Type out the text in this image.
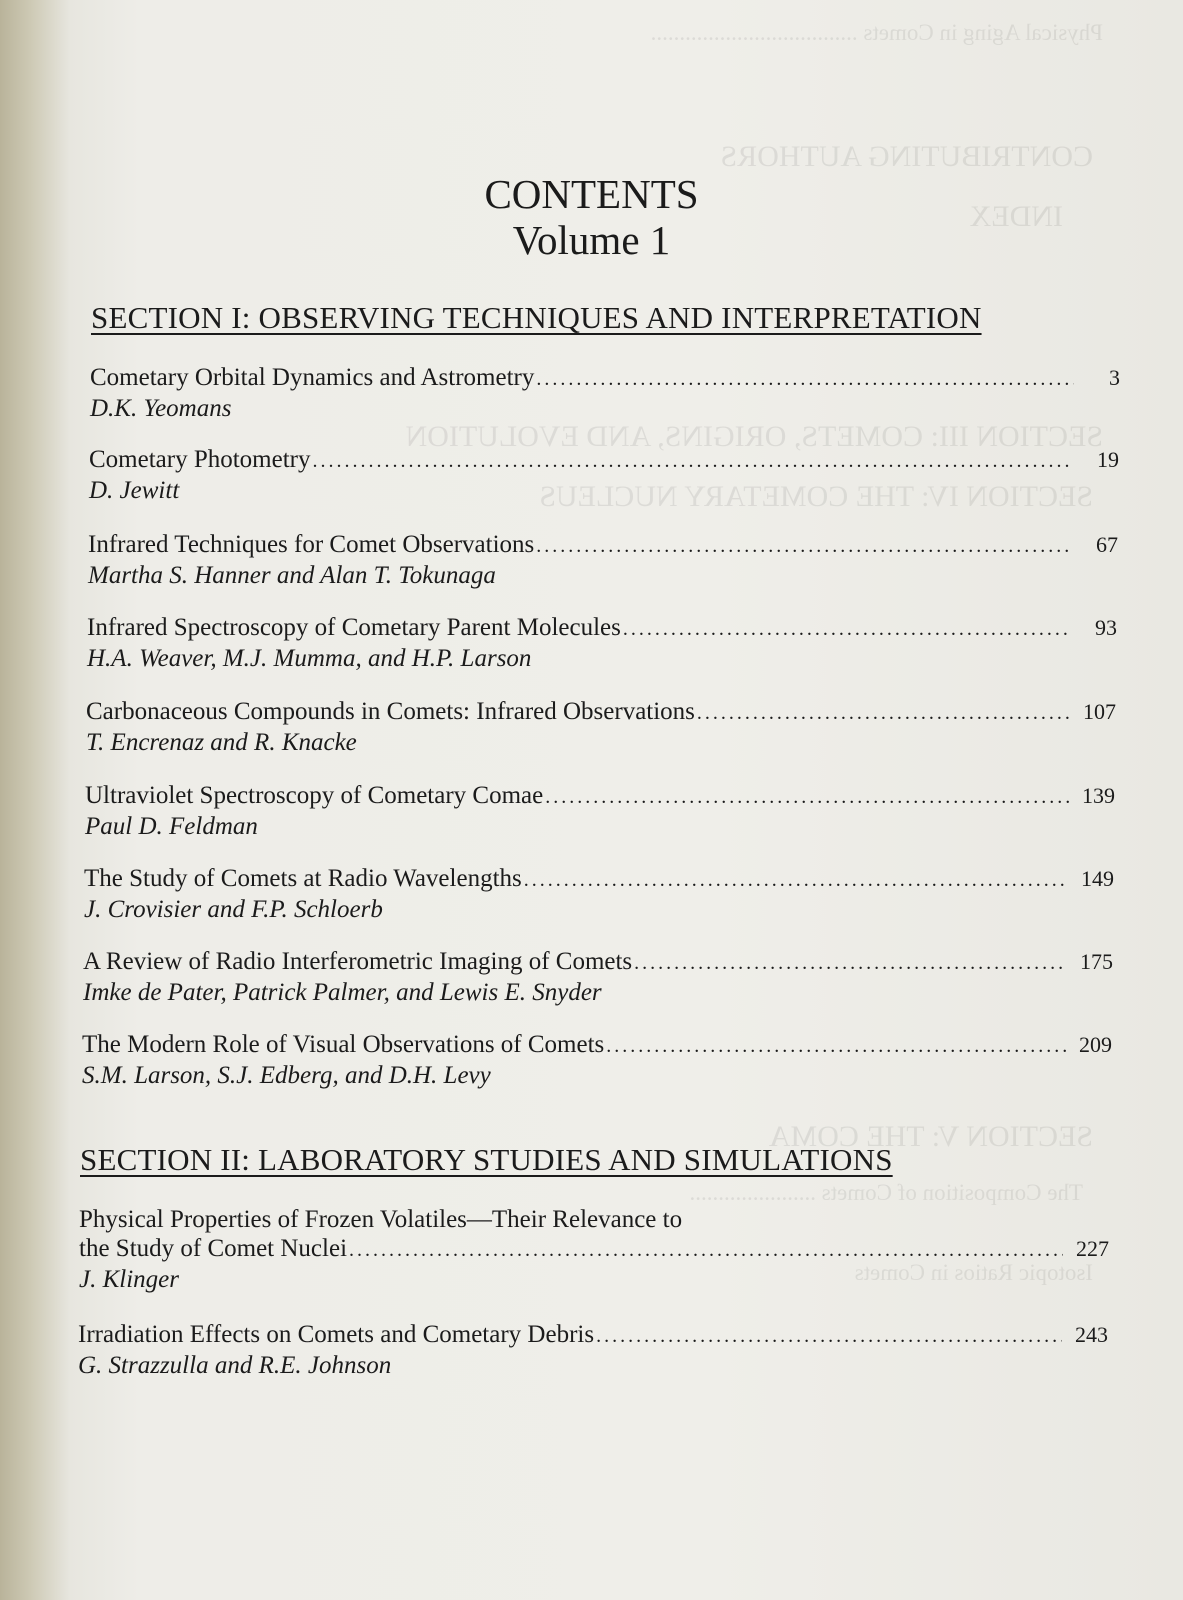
Physical Aging in Comets ....................................
CONTRIBUTING AUTHORS
INDEX
SECTION III: COMETS, ORIGINS, AND EVOLUTION
SECTION IV: THE COMETARY NUCLEUS
SECTION V: THE COMA
The Composition of Comets ......................
Isotopic Ratios in Comets
CONTENTS
Volume 1
SECTION I: OBSERVING TECHNIQUES AND INTERPRETATION
Cometary Orbital Dynamics and Astrometry .....	3
D.K. Yeomans
Cometary Photometry .....	19
D. Jewitt
Infrared Techniques for Comet Observations .....	67
Martha S. Hanner and Alan T. Tokunaga
Infrared Spectroscopy of Cometary Parent Molecules .....	93
H.A. Weaver, M.J. Mumma, and H.P. Larson
Carbonaceous Compounds in Comets: Infrared Observations .....	107
T. Encrenaz and R. Knacke
Ultraviolet Spectroscopy of Cometary Comae .....	139
Paul D. Feldman
The Study of Comets at Radio Wavelengths .....	149
J. Crovisier and F.P. Schloerb
A Review of Radio Interferometric Imaging of Comets .....	175
Imke de Pater, Patrick Palmer, and Lewis E. Snyder
The Modern Role of Visual Observations of Comets .....	209
S.M. Larson, S.J. Edberg, and D.H. Levy
SECTION II: LABORATORY STUDIES AND SIMULATIONS
Physical Properties of Frozen Volatiles—Their Relevance to
the Study of Comet Nuclei .....	227
J. Klinger
Irradiation Effects on Comets and Cometary Debris .....	243
G. Strazzulla and R.E. Johnson
